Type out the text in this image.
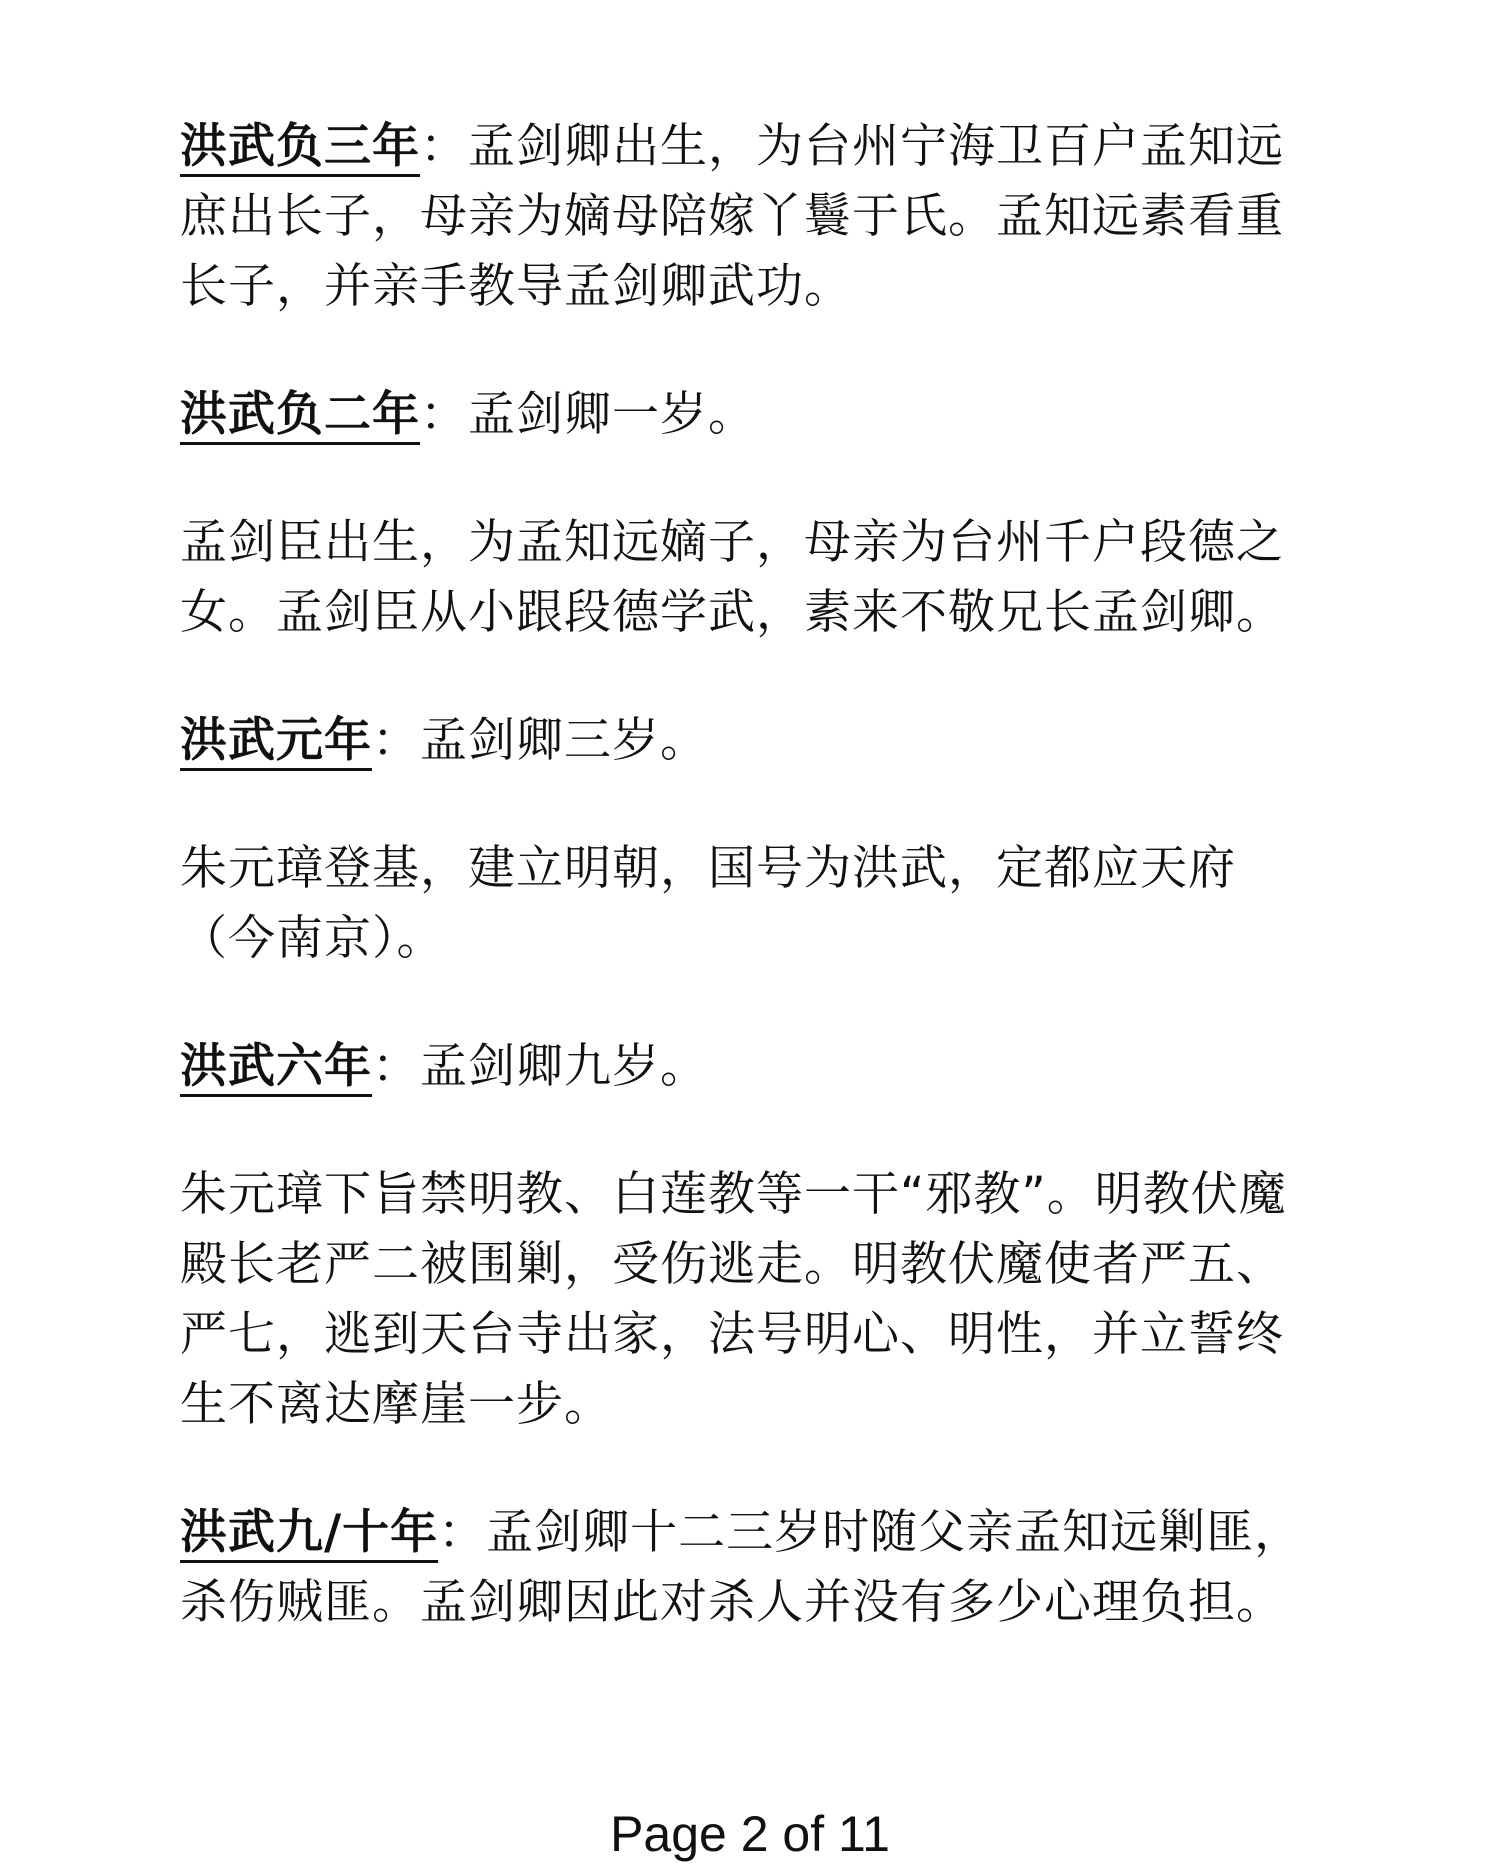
洪武负三年：孟剑卿出生，为台州宁海卫百户孟知远庶出长子，母亲为嫡母陪嫁丫鬟于氏。孟知远素看重长子，并亲手教导孟剑卿武功。

洪武负二年：孟剑卿一岁。

孟剑臣出生，为孟知远嫡子，母亲为台州千户段德之女。孟剑臣从小跟段德学武，素来不敬兄长孟剑卿。

洪武元年：孟剑卿三岁。

朱元璋登基，建立明朝，国号为洪武，定都应天府（今南京）。

洪武六年：孟剑卿九岁。

朱元璋下旨禁明教、白莲教等一干“邪教”。明教伏魔殿长老严二被围剿，受伤逃走。明教伏魔使者严五、严七，逃到天台寺出家，法号明心、明性，并立誓终生不离达摩崖一步。

洪武九/十年：孟剑卿十二三岁时随父亲孟知远剿匪，杀伤贼匪。孟剑卿因此对杀人并没有多少心理负担。

Page 2 of 11
